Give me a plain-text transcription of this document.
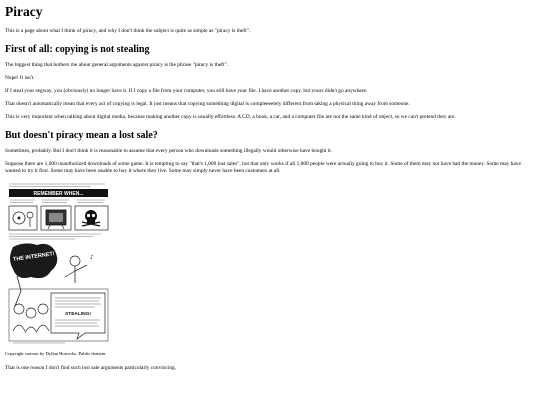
Piracy

This is a page about what I think of piracy, and why I don't think the subject is quite as simple as "piracy is theft".

First of all: copying is not stealing

The biggest thing that bothers me about general arguments against piracy is the phrase "piracy is theft".

Nope! It isn't.

If I steal your segway, you (obviously) no longer have it. If I copy a file from your computer, you still have your file. I have another copy, but yours didn't go anywhere.

That doesn't automatically mean that every act of copying is legal. It just means that copying something digital is compleeeetely different from taking a physical thing away from someone.

This is very important when talking about digital media, because making another copy is usually effortless. A CD, a book, a car, and a computer file are not the same kind of object, so we can't pretend they are.

But doesn't piracy mean a lost sale?

Sometimes, probably. But I don't think it is reasonable to assume that every person who downloads something illegally would otherwise have bought it.

Suppose there are 1,000 unauthorized downloads of some game. It is tempting to say "that's 1,000 lost sales", but that only works if all 1,000 people were actually going to buy it. Some of them may not have had the money. Some may have wanted to try it first. Some may have been unable to buy it where they live. Some may simply never have been customers at all.

REMEMBER WHEN...
THE INTERNET!	♪
STEALING!

Copyright cartoon by Dyllan Horrocks. Public domain.

That is one reason I don't find such lost sale arguments particularly convincing.
